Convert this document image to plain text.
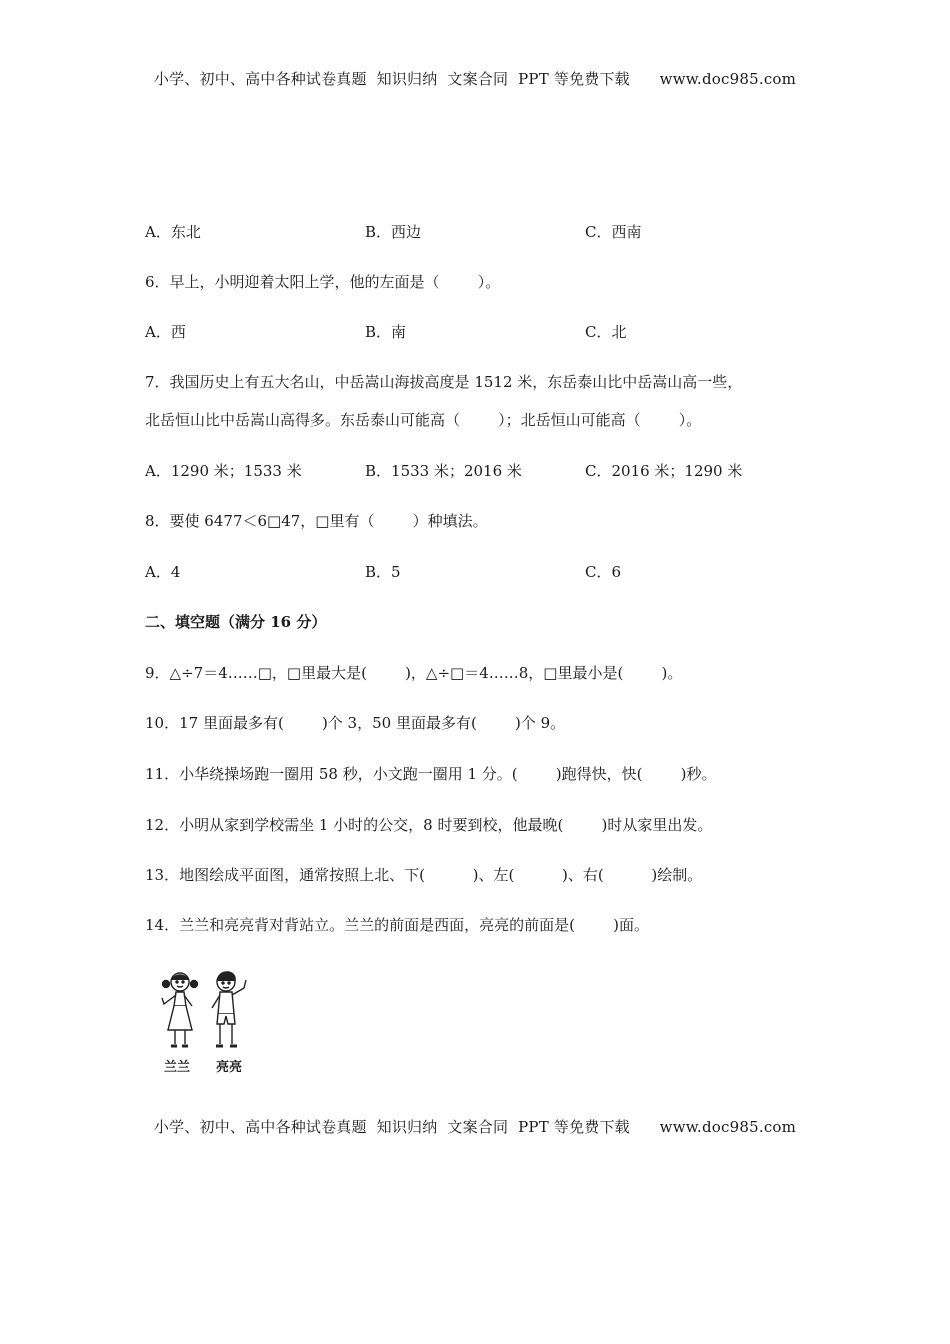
小学、初中、高中各种试卷真题  知识归纳  文案合同  PPT 等免费下载      www.doc985.com
A．东北	B．西边	C．西南
6．早上，小明迎着太阳上学，他的左面是（        ）。
A．西	B．南	C．北
7．我国历史上有五大名山，中岳嵩山海拔高度是 1512 米，东岳泰山比中岳嵩山高一些，
北岳恒山比中岳嵩山高得多。东岳泰山可能高（        ）；北岳恒山可能高（        ）。
A．1290 米；1533 米	B．1533 米；2016 米	C．2016 米；1290 米
8．要使 6477＜6□47，□里有（        ）种填法。
A．4	B．5	C．6
二、填空题（满分 16 分）
9．△÷7＝4……□，□里最大是(        )，△÷□＝4……8，□里最小是(        )。
10．17 里面最多有(        )个 3，50 里面最多有(        )个 9。
11．小华绕操场跑一圈用 58 秒，小文跑一圈用 1 分。(        )跑得快，快(        )秒。
12．小明从家到学校需坐 1 小时的公交，8 时要到校，他最晚(        )时从家里出发。
13．地图绘成平面图，通常按照上北、下(          )、左(          )、右(          )绘制。
14．兰兰和亮亮背对背站立。兰兰的前面是西面，亮亮的前面是(        )面。
兰兰 亮亮
小学、初中、高中各种试卷真题  知识归纳  文案合同  PPT 等免费下载      www.doc985.com
